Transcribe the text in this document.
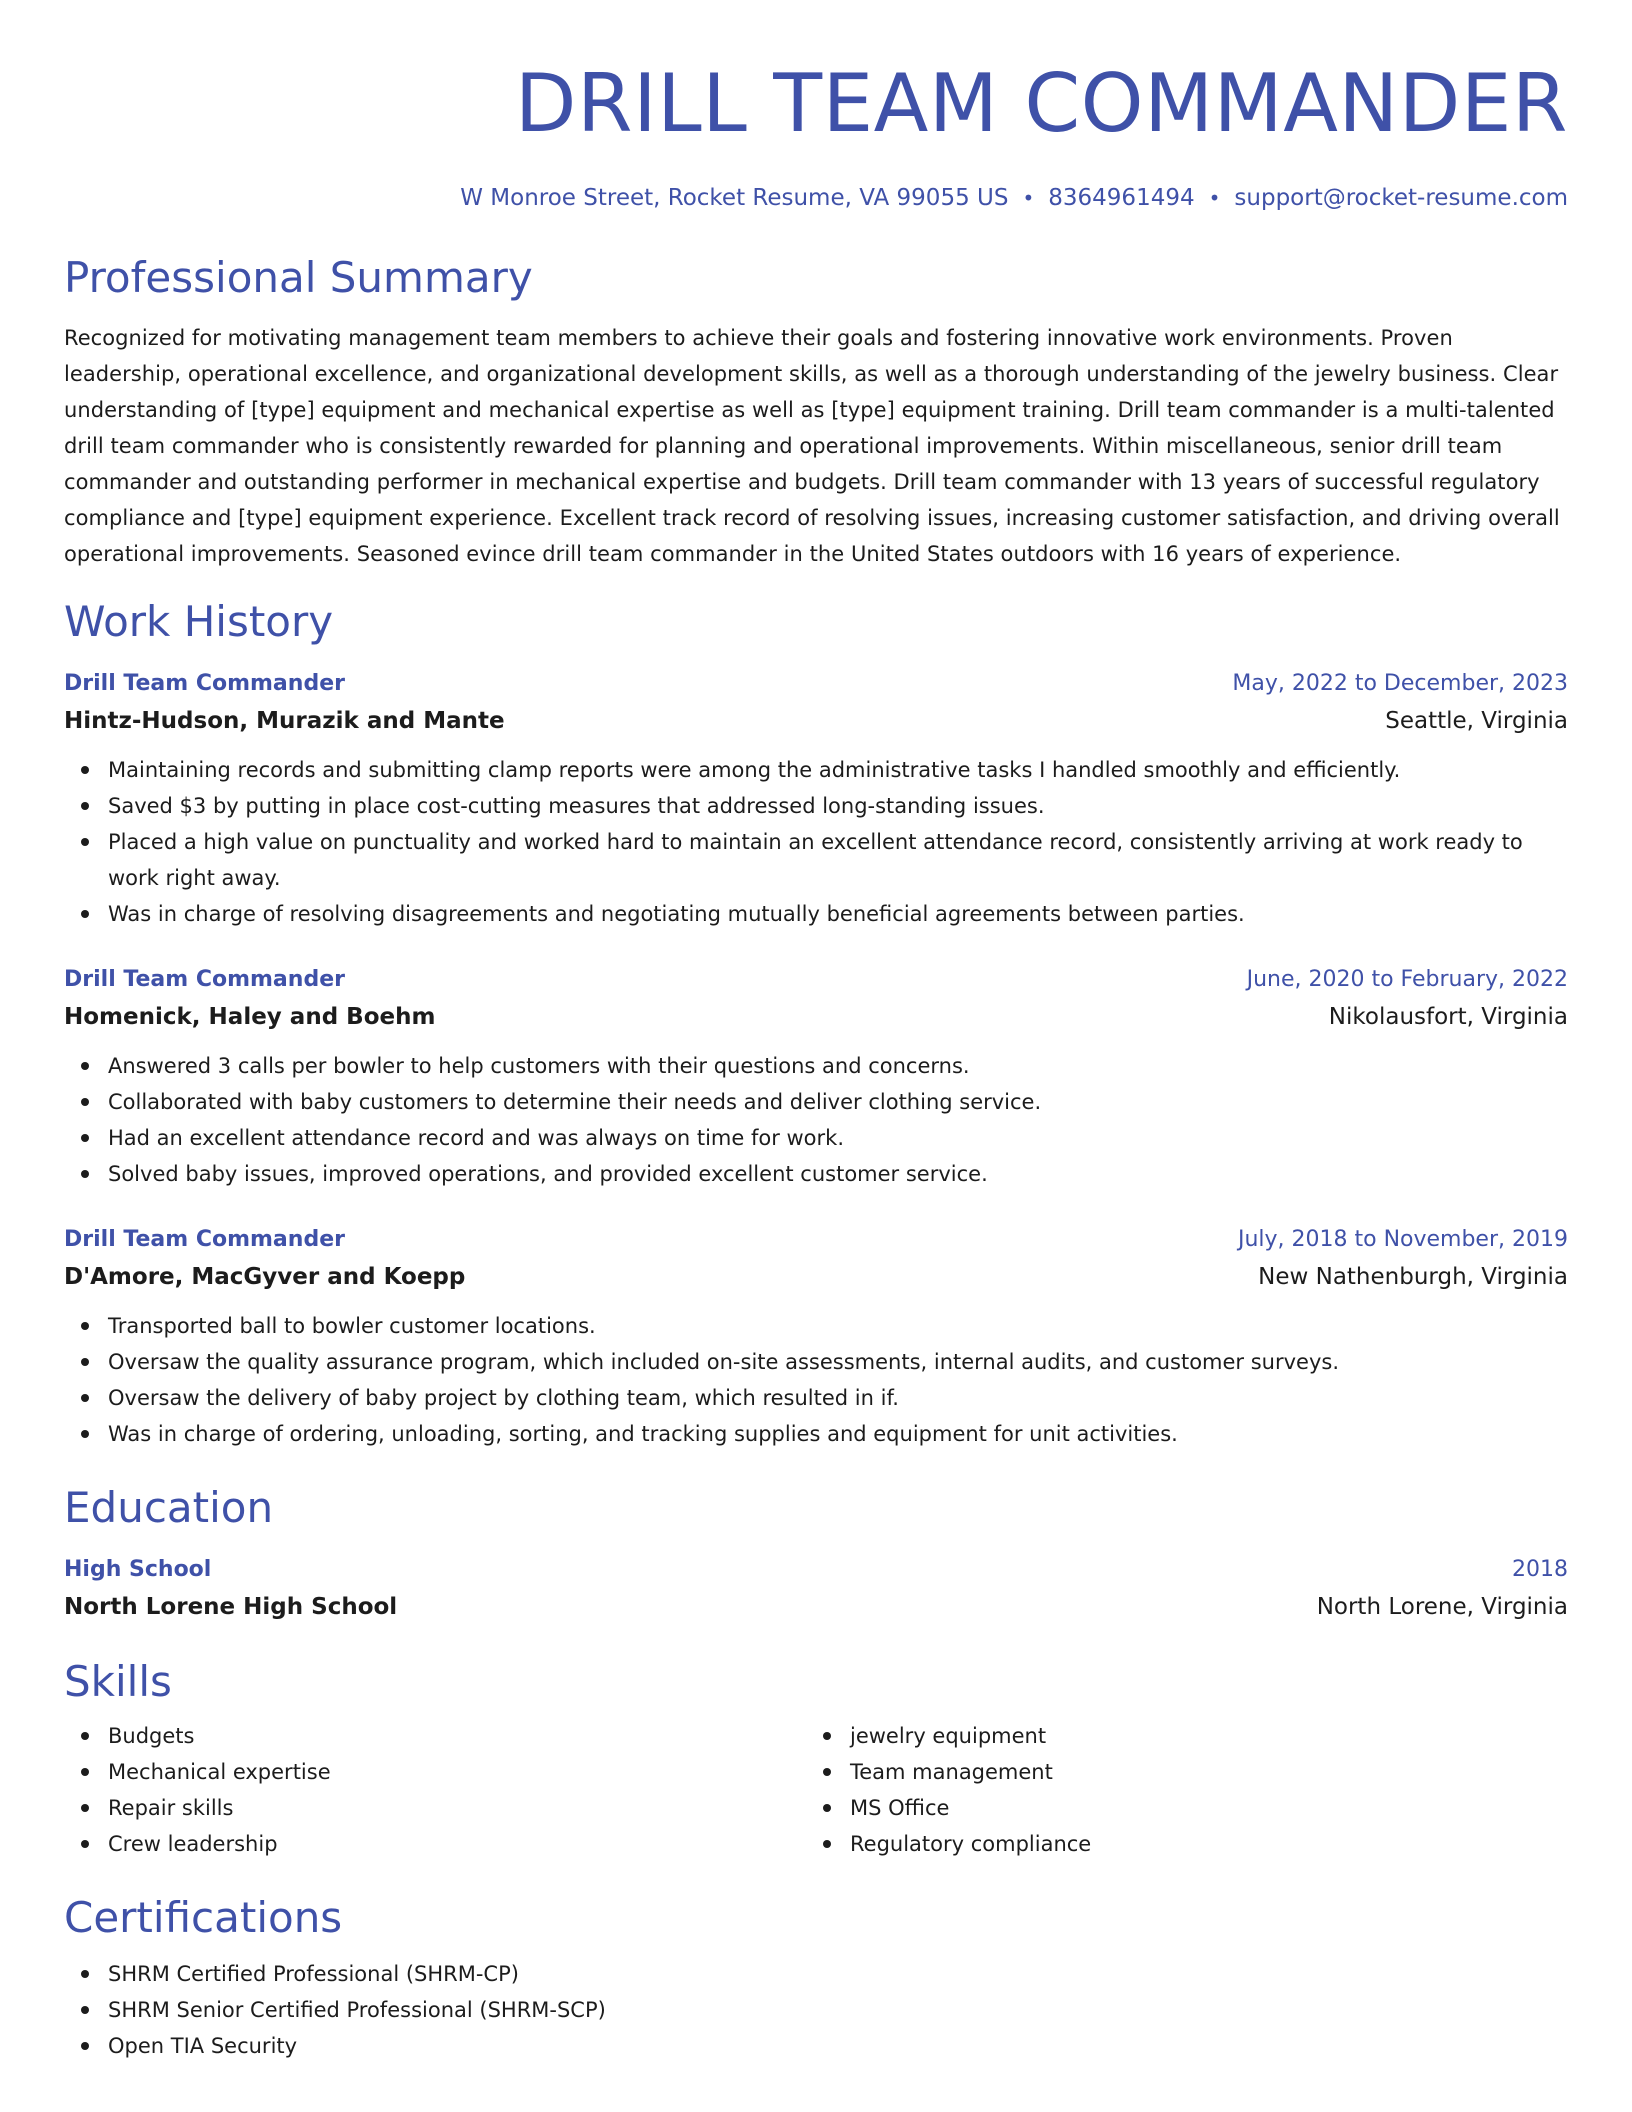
DRILL TEAM COMMANDER
W Monroe Street, Rocket Resume, VA 99055 US • 8364961494 • support@rocket-resume.com
Professional Summary
Recognized for motivating management team members to achieve their goals and fostering innovative work environments. Proven leadership, operational excellence, and organizational development skills, as well as a thorough understanding of the jewelry business. Clear understanding of [type] equipment and mechanical expertise as well as [type] equipment training. Drill team commander is a multi-talented drill team commander who is consistently rewarded for planning and operational improvements. Within miscellaneous, senior drill team commander and outstanding performer in mechanical expertise and budgets. Drill team commander with 13 years of successful regulatory compliance and [type] equipment experience. Excellent track record of resolving issues, increasing customer satisfaction, and driving overall operational improvements. Seasoned evince drill team commander in the United States outdoors with 16 years of experience.
Work History
Drill Team Commander	May, 2022 to December, 2023
Hintz-Hudson, Murazik and Mante	Seattle, Virginia
Maintaining records and submitting clamp reports were among the administrative tasks I handled smoothly and efficiently.
Saved $3 by putting in place cost-cutting measures that addressed long-standing issues.
Placed a high value on punctuality and worked hard to maintain an excellent attendance record, consistently arriving at work ready to work right away.
Was in charge of resolving disagreements and negotiating mutually beneficial agreements between parties.
Drill Team Commander	June, 2020 to February, 2022
Homenick, Haley and Boehm	Nikolausfort, Virginia
Answered 3 calls per bowler to help customers with their questions and concerns.
Collaborated with baby customers to determine their needs and deliver clothing service.
Had an excellent attendance record and was always on time for work.
Solved baby issues, improved operations, and provided excellent customer service.
Drill Team Commander	July, 2018 to November, 2019
D'Amore, MacGyver and Koepp	New Nathenburgh, Virginia
Transported ball to bowler customer locations.
Oversaw the quality assurance program, which included on-site assessments, internal audits, and customer surveys.
Oversaw the delivery of baby project by clothing team, which resulted in if.
Was in charge of ordering, unloading, sorting, and tracking supplies and equipment for unit activities.
Education
High School	2018
North Lorene High School	North Lorene, Virginia
Skills
Budgets
Mechanical expertise
Repair skills
Crew leadership
jewelry equipment
Team management
MS Office
Regulatory compliance
Certifications
SHRM Certified Professional (SHRM-CP)
SHRM Senior Certified Professional (SHRM-SCP)
Open TIA Security
